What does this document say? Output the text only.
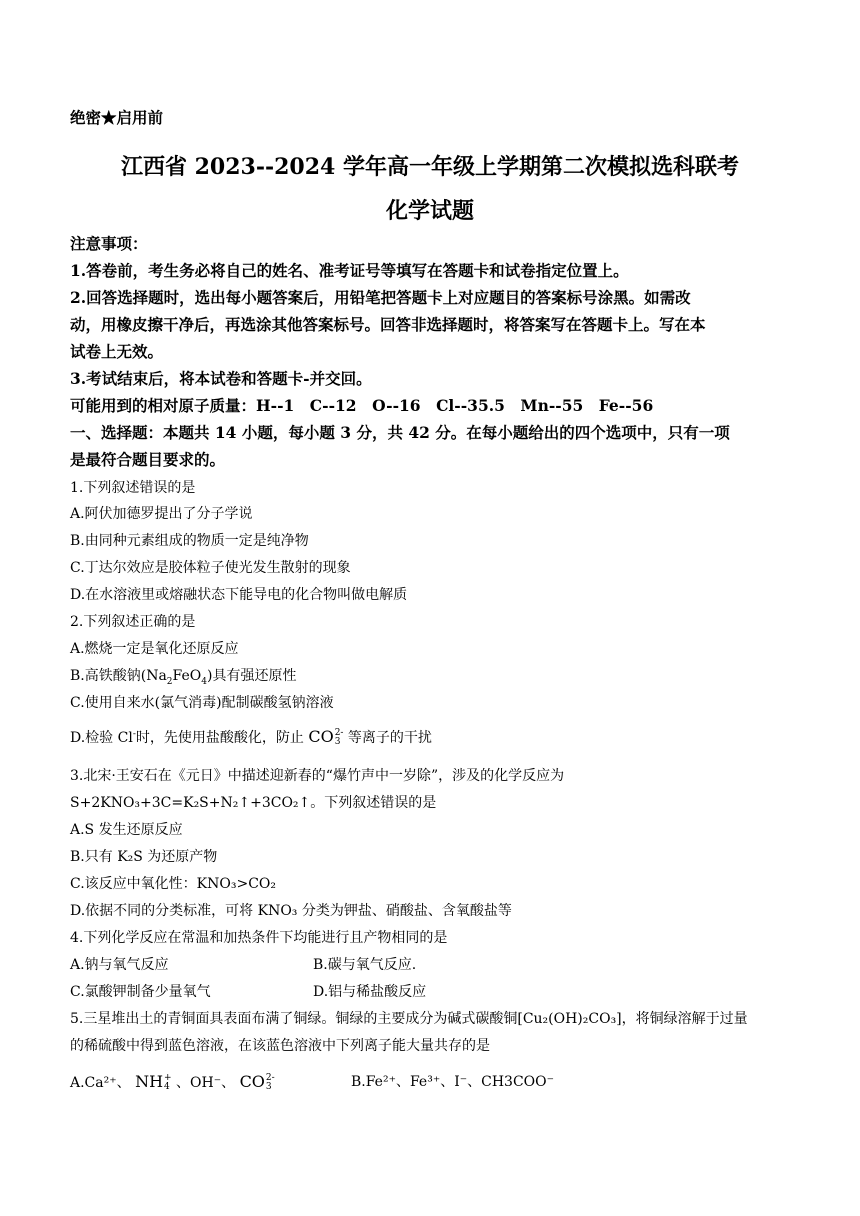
绝密★启用前
江西省 2023--2024 学年高一年级上学期第二次模拟选科联考
化学试题
注意事项：
1.答卷前，考生务必将自己的姓名、准考证号等填写在答题卡和试卷指定位置上。
2.回答选择题时，选出每小题答案后，用铅笔把答题卡上对应题目的答案标号涂黑。如需改
动，用橡皮擦干净后，再选涂其他答案标号。回答非选择题时，将答案写在答题卡上。写在本
试卷上无效。
3.考试结束后，将本试卷和答题卡-并交回。
可能用到的相对原子质量：H--1　C--12　O--16　Cl--35.5　Mn--55　Fe--56
一、选择题：本题共 14 小题，每小题 3 分，共 42 分。在每小题给出的四个选项中，只有一项
是最符合题目要求的。
1.下列叙述错误的是
A.阿伏加德罗提出了分子学说
B.由同种元素组成的物质一定是纯净物
C.丁达尔效应是胶体粒子使光发生散射的现象
D.在水溶液里或熔融状态下能导电的化合物叫做电解质
2.下列叙述正确的是
A.燃烧一定是氧化还原反应
B.高铁酸钠$(Na_2FeO_4)$具有强还原性
C.使用自来水(氯气消毒)配制碳酸氢钠溶液
D.检验 Cl-时，先使用盐酸酸化，防止 CO 2-
3 等离子的干扰
3.北宋·王安石在《元日》中描述迎新春的“爆竹声中一岁除”，涉及的化学反应为
S+2KNO₃+3C=K₂S+N₂↑+3CO₂↑。下列叙述错误的是
A.S 发生还原反应
B.只有 K₂S 为还原产物
C.该反应中氧化性：KNO₃>CO₂
D.依据不同的分类标准，可将 KNO₃ 分类为钾盐、硝酸盐、含氧酸盐等
4.下列化学反应在常温和加热条件下均能进行且产物相同的是
A.钠与氧气反应	B.碳与氧气反应.
C.氯酸钾制备少量氧气	D.铝与稀盐酸反应
5.三星堆出土的青铜面具表面布满了铜绿。铜绿的主要成分为碱式碳酸铜[Cu₂(OH)₂CO₃]，将铜绿溶解于过量
的稀硫酸中得到蓝色溶液，在该蓝色溶液中下列离子能大量共存的是
A.Ca²⁺、 NH +
4 、OH⁻、 CO 2-
3	B.Fe²⁺、Fe³⁺、I⁻、CH3COO⁻
